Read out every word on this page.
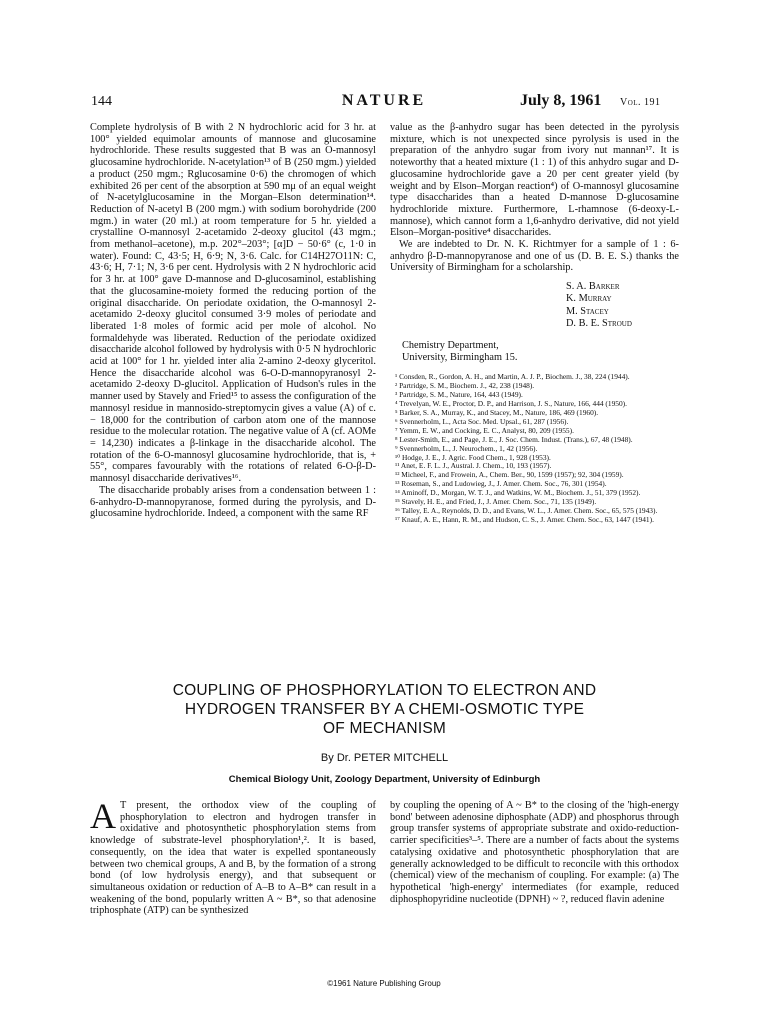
144	NATURE	July 8, 1961 Vol. 191

Complete hydrolysis of B with 2 N hydrochloric acid for 3 hr. at 100° yielded equimolar amounts of mannose and glucosamine hydrochloride. These results suggested that B was an O-mannosyl glucosamine hydrochloride. N-acetylation¹³ of B (250 mgm.) yielded a product (250 mgm.; Rglucosamine 0·6) the chromogen of which exhibited 26 per cent of the absorption at 590 mμ of an equal weight of N-acetylglucosamine in the Morgan–Elson determination¹⁴. Reduction of N-acetyl B (200 mgm.) with sodium borohydride (200 mgm.) in water (20 ml.) at room temperature for 5 hr. yielded a crystalline O-mannosyl 2-acetamido 2-deoxy glucitol (43 mgm.; from methanol–acetone), m.p. 202°–203°; [α]D − 50·6° (c, 1·0 in water). Found: C, 43·5; H, 6·9; N, 3·6. Calc. for C14H27O11N: C, 43·6; H, 7·1; N, 3·6 per cent. Hydrolysis with 2 N hydrochloric acid for 3 hr. at 100° gave D-mannose and D-glucosaminol, establishing that the glucosamine-moiety formed the reducing portion of the original disaccharide. On periodate oxidation, the O-mannosyl 2-acetamido 2-deoxy glucitol consumed 3·9 moles of periodate and liberated 1·8 moles of formic acid per mole of alcohol. No formaldehyde was liberated. Reduction of the periodate oxidized disaccharide alcohol followed by hydrolysis with 0·5 N hydrochloric acid at 100° for 1 hr. yielded inter alia 2-amino 2-deoxy glyceritol. Hence the disaccharide alcohol was 6-O-D-mannopyranosyl 2-acetamido 2-deoxy D-glucitol. Application of Hudson's rules in the manner used by Stavely and Fried¹⁵ to assess the configuration of the mannosyl residue in mannosido-streptomycin gives a value (A) of c. − 18,000 for the contribution of carbon atom one of the mannose residue to the molecular rotation. The negative value of A (cf. AOMe = 14,230) indicates a β-linkage in the disaccharide alcohol. The rotation of the 6-O-mannosyl glucosamine hydrochloride, that is, + 55°, compares favourably with the rotations of related 6-O-β-D-mannosyl disaccharide derivatives¹⁶.

The disaccharide probably arises from a condensation between 1 : 6-anhydro-D-mannopyranose, formed during the pyrolysis, and D-glucosamine hydrochloride. Indeed, a component with the same RF

value as the β-anhydro sugar has been detected in the pyrolysis mixture, which is not unexpected since pyrolysis is used in the preparation of the anhydro sugar from ivory nut mannan¹⁷. It is noteworthy that a heated mixture (1 : 1) of this anhydro sugar and D-glucosamine hydrochloride gave a 20 per cent greater yield (by weight and by Elson–Morgan reaction⁴) of O-mannosyl glucosamine type disaccharides than a heated D-mannose D-glucosamine hydrochloride mixture. Furthermore, L-rhamnose (6-deoxy-L-mannose), which cannot form a 1,6-anhydro derivative, did not yield Elson–Morgan-positive⁴ disaccharides.

We are indebted to Dr. N. K. Richtmyer for a sample of 1 : 6-anhydro β-D-mannopyranose and one of us (D. B. E. S.) thanks the University of Birmingham for a scholarship.

S. A. Barker
K. Murray
M. Stacey
D. B. E. Stroud
Chemistry Department,
University, Birmingham 15.
¹ Consden, R., Gordon, A. H., and Martin, A. J. P., Biochem. J., 38, 224 (1944).
² Partridge, S. M., Biochem. J., 42, 238 (1948).
³ Partridge, S. M., Nature, 164, 443 (1949).
⁴ Trevelyan, W. E., Proctor, D. P., and Harrison, J. S., Nature, 166, 444 (1950).
⁵ Barker, S. A., Murray, K., and Stacey, M., Nature, 186, 469 (1960).
⁶ Svennerholm, L., Acta Soc. Med. Upsal., 61, 287 (1956).
⁷ Yemm, E. W., and Cocking, E. C., Analyst, 80, 209 (1955).
⁸ Lester-Smith, E., and Page, J. E., J. Soc. Chem. Indust. (Trans.), 67, 48 (1948).
⁹ Svennerholm, L., J. Neurochem., 1, 42 (1956).
¹⁰ Hodge, J. E., J. Agric. Food Chem., 1, 928 (1953).
¹¹ Anet, E. F. L. J., Austral. J. Chem., 10, 193 (1957).
¹² Micheel, F., and Frowein, A., Chem. Ber., 90, 1599 (1957); 92, 304 (1959).
¹³ Roseman, S., and Ludowieg, J., J. Amer. Chem. Soc., 76, 301 (1954).
¹⁴ Aminoff, D., Morgan, W. T. J., and Watkins, W. M., Biochem. J., 51, 379 (1952).
¹⁵ Stavely, H. E., and Fried, J., J. Amer. Chem. Soc., 71, 135 (1949).
¹⁶ Talley, E. A., Reynolds, D. D., and Evans, W. L., J. Amer. Chem. Soc., 65, 575 (1943).
¹⁷ Knauf, A. E., Hann, R. M., and Hudson, C. S., J. Amer. Chem. Soc., 63, 1447 (1941).
COUPLING OF PHOSPHORYLATION TO ELECTRON AND
HYDROGEN TRANSFER BY A CHEMI-OSMOTIC TYPE
OF MECHANISM
By Dr. PETER MITCHELL
Chemical Biology Unit, Zoology Department, University of Edinburgh

A T present, the orthodox view of the coupling of phosphorylation to electron and hydrogen transfer in oxidative and photosynthetic phosphorylation stems from knowledge of substrate-level phosphorylation¹,². It is based, consequently, on the idea that water is expelled spontaneously between two chemical groups, A and B, by the formation of a strong bond (of low hydrolysis energy), and that subsequent or simultaneous oxidation or reduction of A–B to A–B* can result in a weakening of the bond, popularly written A ~ B*, so that adenosine triphosphate (ATP) can be synthesized

by coupling the opening of A ~ B* to the closing of the 'high-energy bond' between adenosine diphosphate (ADP) and phosphorus through group transfer systems of appropriate substrate and oxido-reduction-carrier specificities³–⁵. There are a number of facts about the systems catalysing oxidative and photosynthetic phosphorylation that are generally acknowledged to be difficult to reconcile with this orthodox (chemical) view of the mechanism of coupling. For example: (a) The hypothetical 'high-energy' intermediates (for example, reduced diphosphopyridine nucleotide (DPNH) ~ ?, reduced flavin adenine

©1961 Nature Publishing Group
